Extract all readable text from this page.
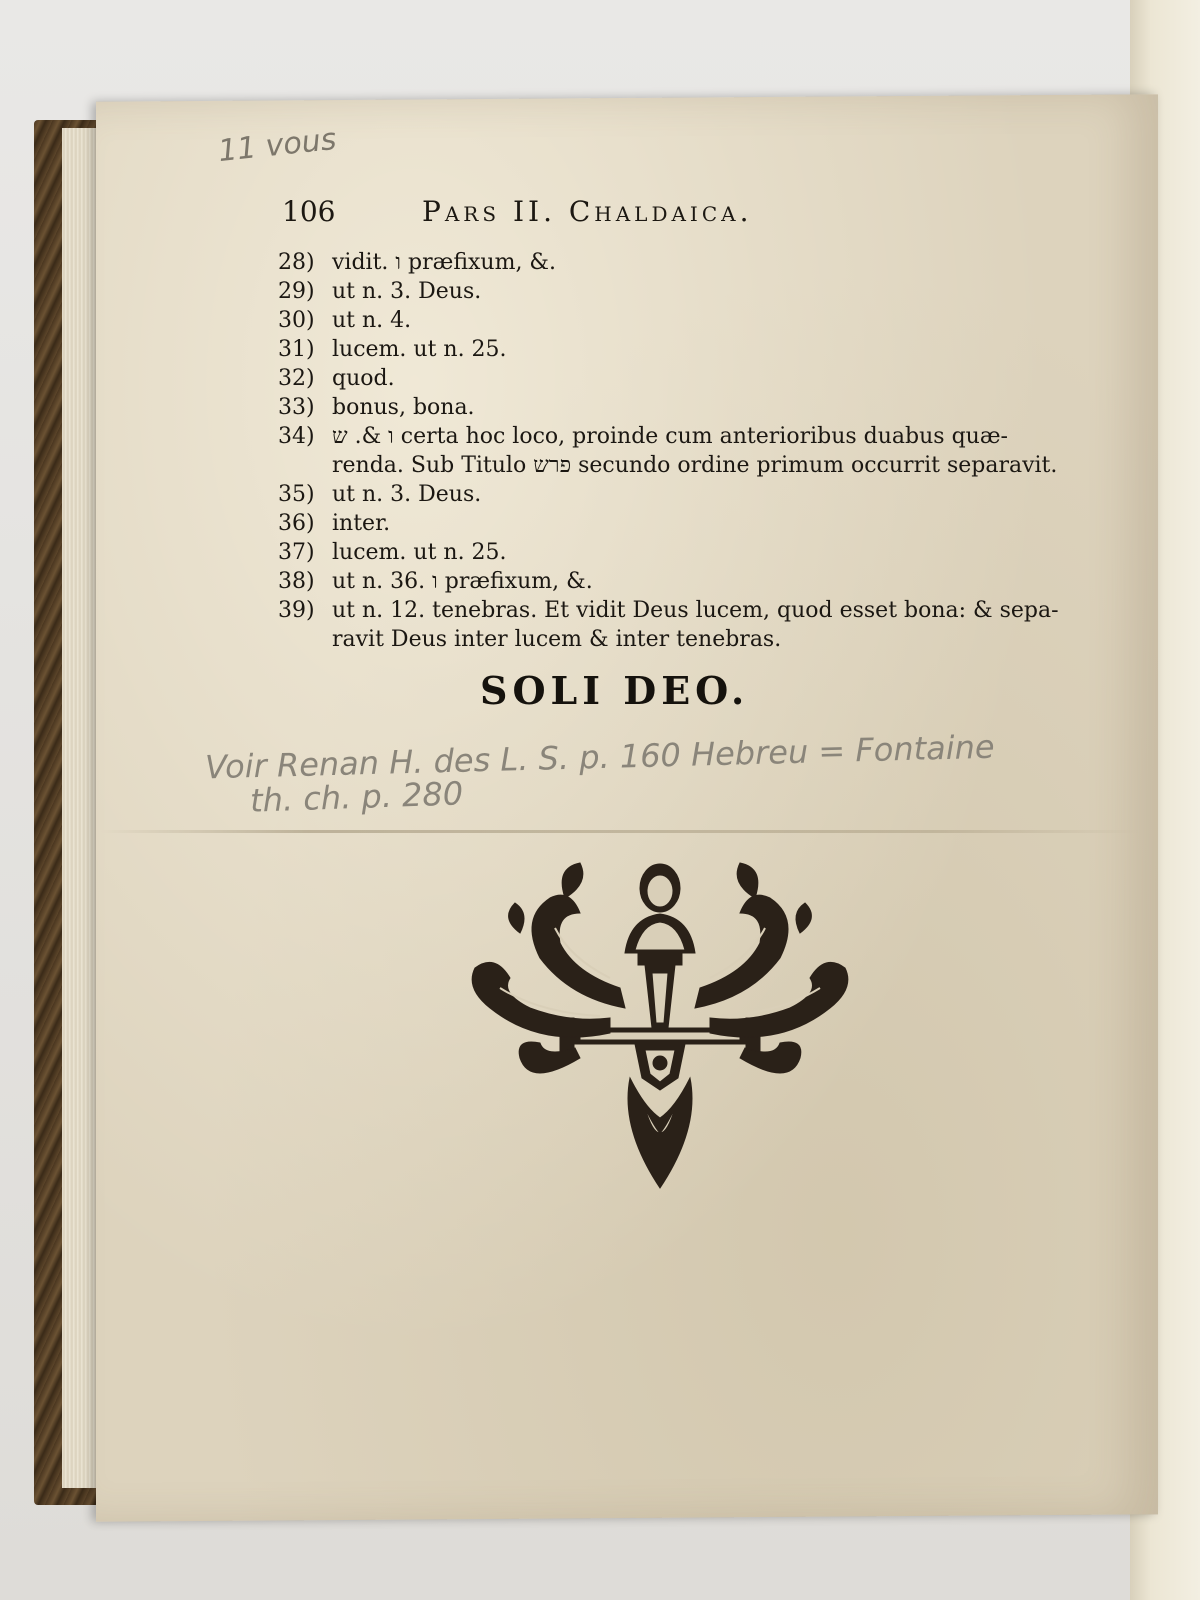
11 vous
106	Pars II. Chaldaica.
28) vidit. ו præfixum, &.
29) ut n. 3. Deus.
30) ut n. 4.
31) lucem. ut n. 25.
32) quod.
33) bonus, bona.
34) ו &. ש certa hoc loco, proinde cum anterioribus duabus quæ-
renda. Sub Titulo פרש secundo ordine primum occurrit separavit.
35) ut n. 3. Deus.
36) inter.
37) lucem. ut n. 25.
38) ut n. 36. ו præfixum, &.
39) ut n. 12. tenebras. Et vidit Deus lucem, quod esset bona: & sepa-
ravit Deus inter lucem & inter tenebras.
SOLI DEO.
Voir Renan H. des L. S. p. 160 Hebreu = Fontaine
th. ch. p. 280
